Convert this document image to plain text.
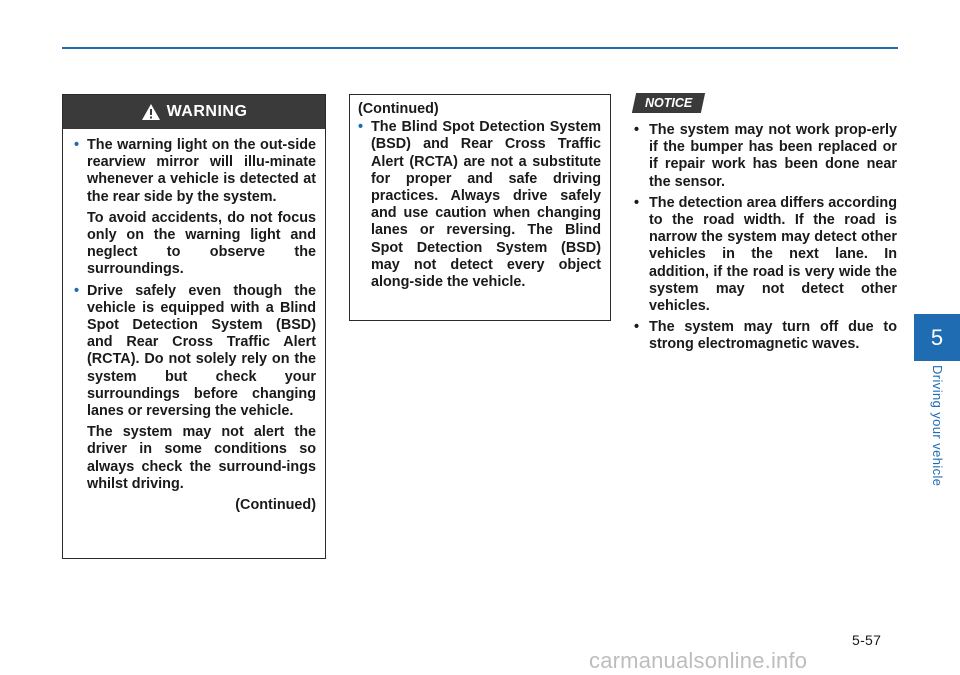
WARNING
• The warning light on the out-side rearview mirror will illu-minate whenever a vehicle is detected at the rear side by the system.
To avoid accidents, do not focus only on the warning light and neglect to observe the surroundings.
• Drive safely even though the vehicle is equipped with a Blind Spot Detection System (BSD) and Rear Cross Traffic Alert (RCTA). Do not solely rely on the system but check your surroundings before changing lanes or reversing the vehicle.
The system may not alert the driver in some conditions so always check the surround-ings whilst driving.
(Continued)
(Continued)
• The Blind Spot Detection System (BSD) and Rear Cross Traffic Alert (RCTA) are not a substitute for proper and safe driving practices. Always drive safely and use caution when changing lanes or reversing. The Blind Spot Detection System (BSD) may not detect every object along-side the vehicle.
NOTICE
• The system may not work prop-erly if the bumper has been replaced or if repair work has been done near the sensor.
• The detection area differs according to the road width. If the road is narrow the system may detect other vehicles in the next lane. In addition, if the road is very wide the system may not detect other vehicles.
• The system may turn off due to strong electromagnetic waves.	5
Driving your vehicle
5-57
carmanualsonline.info
